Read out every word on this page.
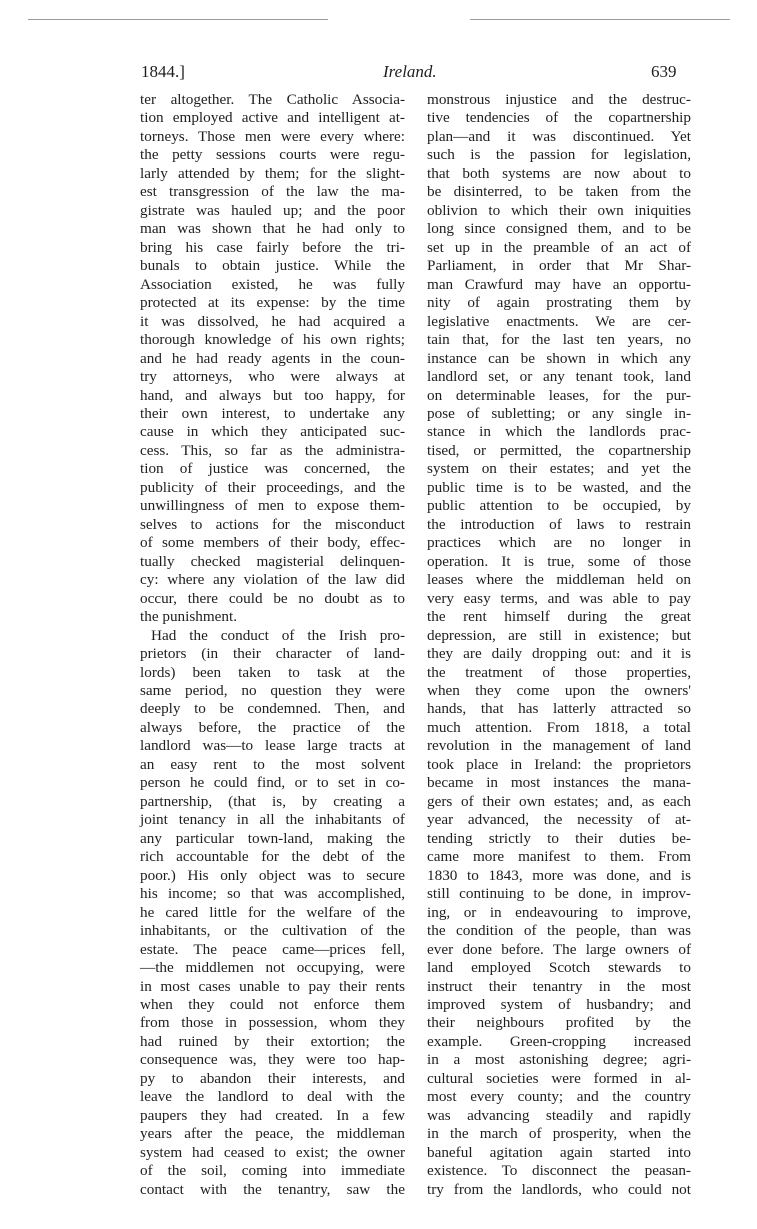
1844.]	Ireland.	639
ter altogether. The Catholic Associa-
tion employed active and intelligent at-
torneys. Those men were every where:
the petty sessions courts were regu-
larly attended by them; for the slight-
est transgression of the law the ma-
gistrate was hauled up; and the poor
man was shown that he had only to
bring his case fairly before the tri-
bunals to obtain justice. While the
Association existed, he was fully
protected at its expense: by the time
it was dissolved, he had acquired a
thorough knowledge of his own rights;
and he had ready agents in the coun-
try attorneys, who were always at
hand, and always but too happy, for
their own interest, to undertake any
cause in which they anticipated suc-
cess. This, so far as the administra-
tion of justice was concerned, the
publicity of their proceedings, and the
unwillingness of men to expose them-
selves to actions for the misconduct
of some members of their body, effec-
tually checked magisterial delinquen-
cy: where any violation of the law did
occur, there could be no doubt as to
the punishment.
Had the conduct of the Irish pro-
prietors (in their character of land-
lords) been taken to task at the
same period, no question they were
deeply to be condemned. Then, and
always before, the practice of the
landlord was—to lease large tracts at
an easy rent to the most solvent
person he could find, or to set in co-
partnership, (that is, by creating a
joint tenancy in all the inhabitants of
any particular town-land, making the
rich accountable for the debt of the
poor.) His only object was to secure
his income; so that was accomplished,
he cared little for the welfare of the
inhabitants, or the cultivation of the
estate. The peace came—prices fell,
—the middlemen not occupying, were
in most cases unable to pay their rents
when they could not enforce them
from those in possession, whom they
had ruined by their extortion; the
consequence was, they were too hap-
py to abandon their interests, and
leave the landlord to deal with the
paupers they had created. In a few
years after the peace, the middleman
system had ceased to exist; the owner
of the soil, coming into immediate
contact with the tenantry, saw the
monstrous injustice and the destruc-
tive tendencies of the copartnership
plan—and it was discontinued. Yet
such is the passion for legislation,
that both systems are now about to
be disinterred, to be taken from the
oblivion to which their own iniquities
long since consigned them, and to be
set up in the preamble of an act of
Parliament, in order that Mr Shar-
man Crawfurd may have an opportu-
nity of again prostrating them by
legislative enactments. We are cer-
tain that, for the last ten years, no
instance can be shown in which any
landlord set, or any tenant took, land
on determinable leases, for the pur-
pose of subletting; or any single in-
stance in which the landlords prac-
tised, or permitted, the copartnership
system on their estates; and yet the
public time is to be wasted, and the
public attention to be occupied, by
the introduction of laws to restrain
practices which are no longer in
operation. It is true, some of those
leases where the middleman held on
very easy terms, and was able to pay
the rent himself during the great
depression, are still in existence; but
they are daily dropping out: and it is
the treatment of those properties,
when they come upon the owners'
hands, that has latterly attracted so
much attention. From 1818, a total
revolution in the management of land
took place in Ireland: the proprietors
became in most instances the mana-
gers of their own estates; and, as each
year advanced, the necessity of at-
tending strictly to their duties be-
came more manifest to them. From
1830 to 1843, more was done, and is
still continuing to be done, in improv-
ing, or in endeavouring to improve,
the condition of the people, than was
ever done before. The large owners of
land employed Scotch stewards to
instruct their tenantry in the most
improved system of husbandry; and
their neighbours profited by the
example. Green-cropping increased
in a most astonishing degree; agri-
cultural societies were formed in al-
most every county; and the country
was advancing steadily and rapidly
in the march of prosperity, when the
baneful agitation again started into
existence. To disconnect the peasan-
try from the landlords, who could not
